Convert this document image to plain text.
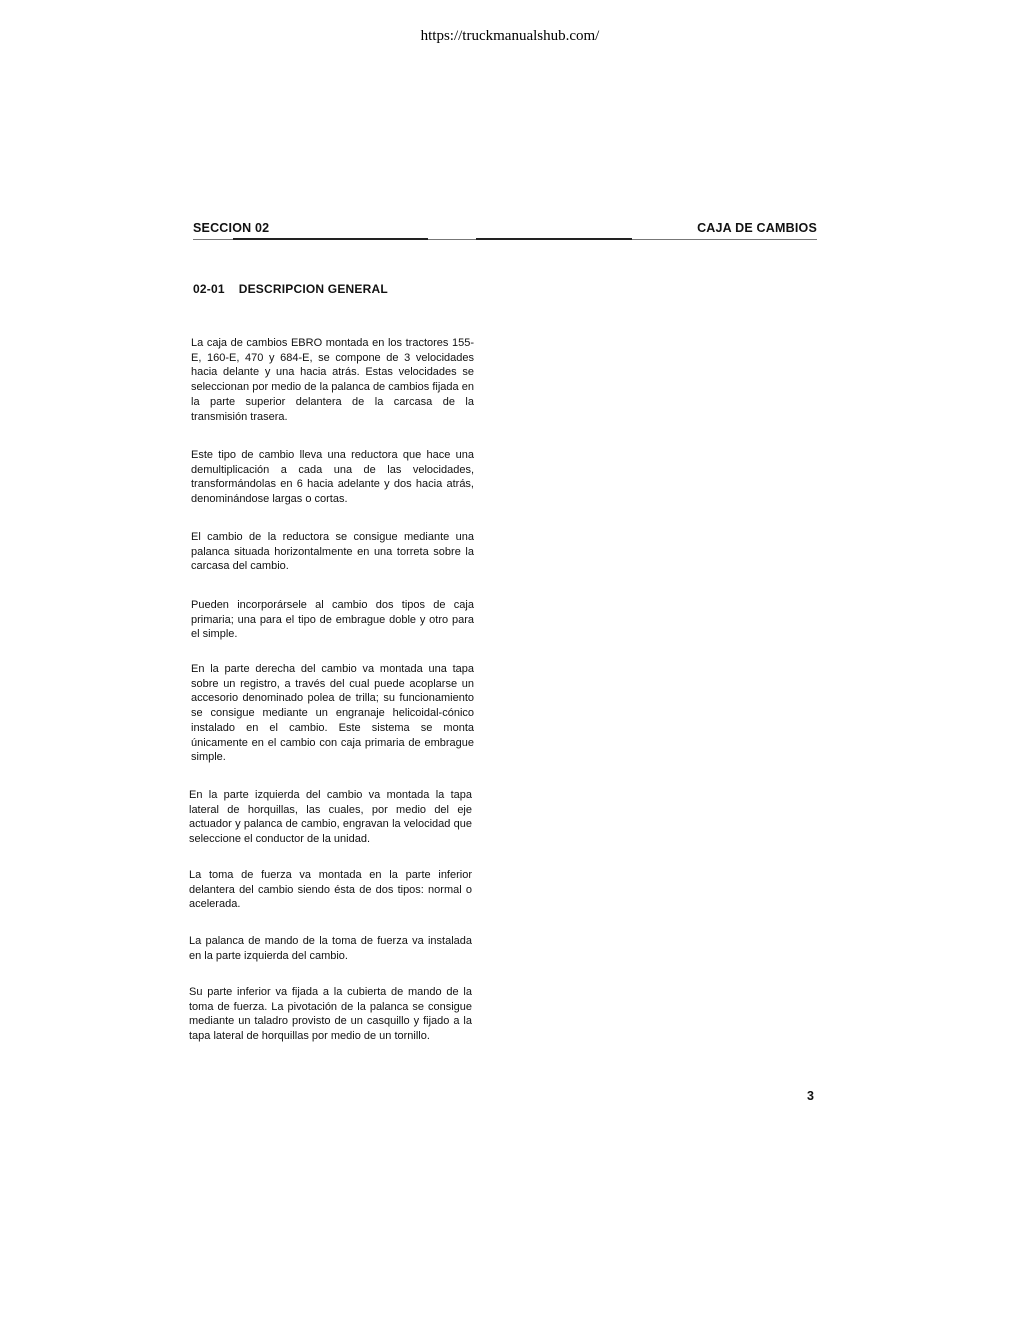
https://truckmanualshub.com/
SECCION 02	CAJA DE CAMBIOS
02-01 DESCRIPCION GENERAL
La caja de cambios EBRO montada en los tractores 155-E, 160-E, 470 y 684-E, se compone de 3 velocidades hacia delante y una hacia atrás. Estas velocidades se seleccionan por medio de la palanca de cambios fijada en la parte superior delantera de la carcasa de la transmisión trasera.
Este tipo de cambio lleva una reductora que hace una demultiplicación a cada una de las velocidades, transformándolas en 6 hacia adelante y dos hacia atrás, denominándose largas o cortas.
El cambio de la reductora se consigue mediante una palanca situada horizontalmente en una torreta sobre la carcasa del cambio.
Pueden incorporársele al cambio dos tipos de caja primaria; una para el tipo de embrague doble y otro para el simple.
En la parte derecha del cambio va montada una tapa sobre un registro, a través del cual puede acoplarse un accesorio denominado polea de trilla; su funcionamiento se consigue mediante un engranaje helicoidal-cónico instalado en el cambio. Este sistema se monta únicamente en el cambio con caja primaria de embrague simple.
En la parte izquierda del cambio va montada la tapa lateral de horquillas, las cuales, por medio del eje actuador y palanca de cambio, engravan la velocidad que seleccione el conductor de la unidad.
La toma de fuerza va montada en la parte inferior delantera del cambio siendo ésta de dos tipos: normal o acelerada.
La palanca de mando de la toma de fuerza va instalada en la parte izquierda del cambio.
Su parte inferior va fijada a la cubierta de mando de la toma de fuerza. La pivotación de la palanca se consigue mediante un taladro provisto de un casquillo y fijado a la tapa lateral de horquillas por medio de un tornillo.
3
